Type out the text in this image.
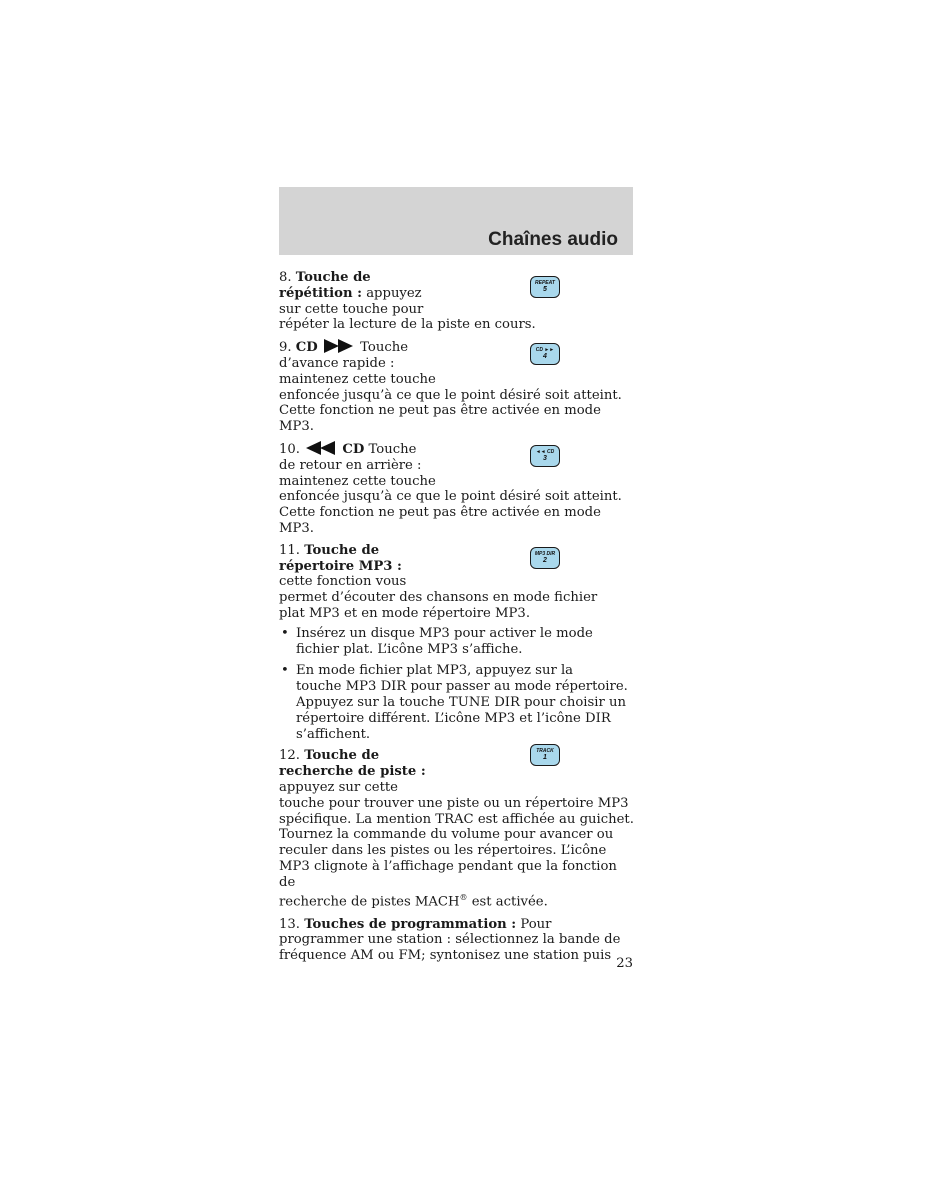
Chaînes audio
REPEAT
5

8. Touche de

répétition : appuyez

sur cette touche pour

répéter la lecture de la piste en cours.

CD ►►
4

9. CD	Touche

d’avance rapide :

maintenez cette touche

enfoncée jusqu’à ce que le point désiré soit atteint.

Cette fonction ne peut pas être activée en mode

MP3.

◄◄ CD
3

10.	CD Touche

de retour en arrière :

maintenez cette touche

enfoncée jusqu’à ce que le point désiré soit atteint.

Cette fonction ne peut pas être activée en mode

MP3.

MP3 DIR
2

11. Touche de

répertoire MP3 :

cette fonction vous

permet d’écouter des chansons en mode fichier

plat MP3 et en mode répertoire MP3.

• Insérez un disque MP3 pour activer le mode
fichier plat. L’icône MP3 s’affiche.
• En mode fichier plat MP3, appuyez sur la
touche MP3 DIR pour passer au mode répertoire.
Appuyez sur la touche TUNE DIR pour choisir un
répertoire différent. L’icône MP3 et l’icône DIR
s’affichent.
TRACK
1

12. Touche de

recherche de piste :

appuyez sur cette

touche pour trouver une piste ou un répertoire MP3

spécifique. La mention TRAC est affichée au guichet.

Tournez la commande du volume pour avancer ou

reculer dans les pistes ou les répertoires. L’icône

MP3 clignote à l’affichage pendant que la fonction de

recherche de pistes MACH® est activée.

13. Touches de programmation : Pour

programmer une station : sélectionnez la bande de

fréquence AM ou FM; syntonisez une station puis

23
